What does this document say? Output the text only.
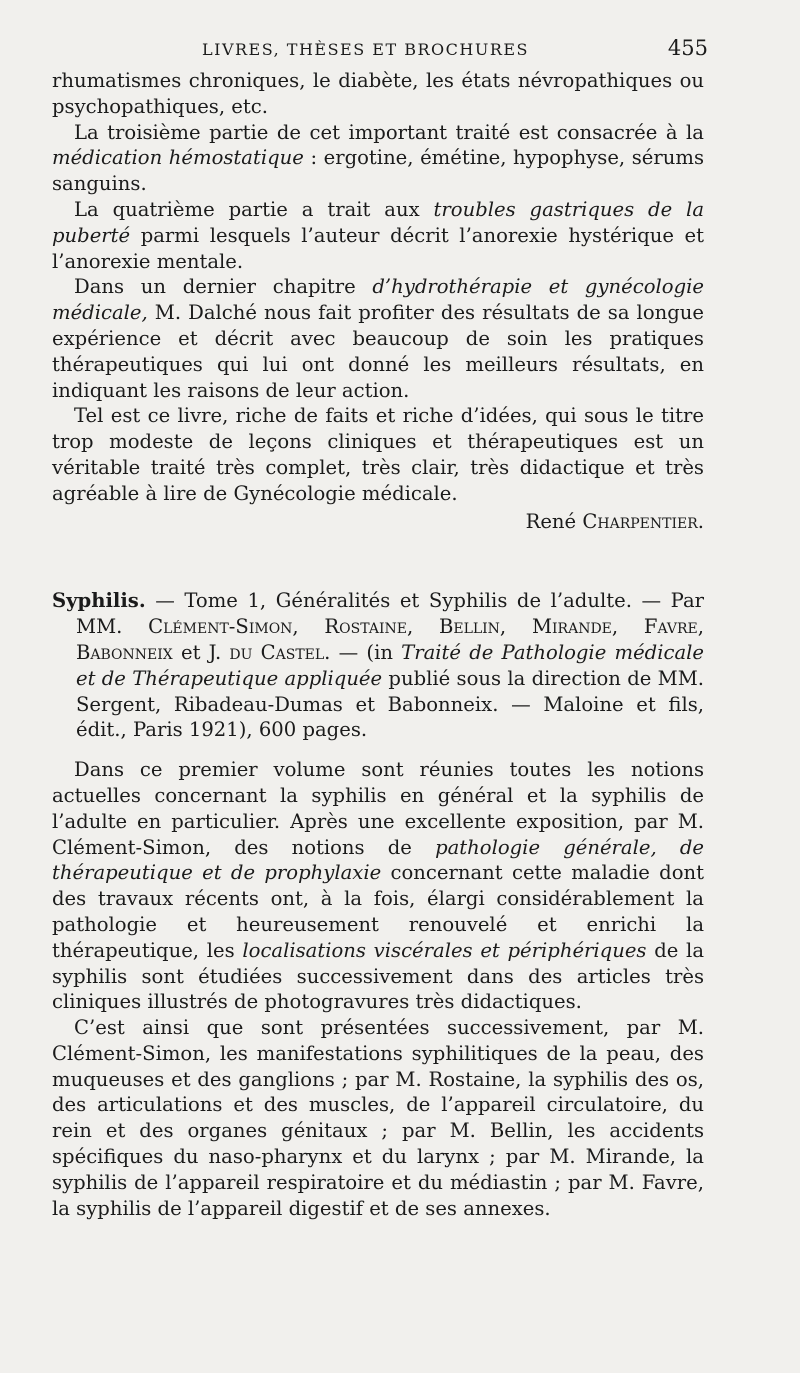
LIVRES, THÈSES ET BROCHURES	455

rhumatismes chroniques, le diabète, les états névropathiques ou psychopathiques, etc.

La troisième partie de cet important traité est consacrée à la médication hémostatique : ergotine, émétine, hypophyse, sérums sanguins.

La quatrième partie a trait aux troubles gastriques de la puberté parmi lesquels l’auteur décrit l’anorexie hystérique et l’anorexie mentale.

Dans un dernier chapitre d’hydrothérapie et gynécologie médicale, M. Dalché nous fait profiter des résultats de sa longue expérience et décrit avec beaucoup de soin les pratiques thérapeutiques qui lui ont donné les meilleurs résultats, en indiquant les raisons de leur action.

Tel est ce livre, riche de faits et riche d’idées, qui sous le titre trop modeste de leçons cliniques et thérapeutiques est un véritable traité très complet, très clair, très didactique et très agréable à lire de Gynécologie médicale.

René Charpentier.

Syphilis. — Tome 1, Généralités et Syphilis de l’adulte. — Par MM. Clément-Simon, Rostaine, Bellin, Mirande, Favre, Babonneix et J. du Castel. — (in Traité de Pathologie médicale et de Thérapeutique appliquée publié sous la direction de MM. Sergent, Ribadeau-Dumas et Babonneix. — Maloine et fils, édit., Paris 1921), 600 pages.

Dans ce premier volume sont réunies toutes les notions actuelles concernant la syphilis en général et la syphilis de l’adulte en particulier. Après une excellente exposition, par M. Clément-Simon, des notions de pathologie générale, de thérapeutique et de prophylaxie concernant cette maladie dont des travaux récents ont, à la fois, élargi considérablement la pathologie et heureusement renouvelé et enrichi la thérapeutique, les localisations viscérales et périphériques de la syphilis sont étudiées successivement dans des articles très cliniques illustrés de photogravures très didactiques.

C’est ainsi que sont présentées successivement, par M. Clément-Simon, les manifestations syphilitiques de la peau, des muqueuses et des ganglions ; par M. Rostaine, la syphilis des os, des articulations et des muscles, de l’appareil circulatoire, du rein et des organes génitaux ; par M. Bellin, les accidents spécifiques du naso-pharynx et du larynx ; par M. Mirande, la syphilis de l’appareil respiratoire et du médiastin ; par M. Favre, la syphilis de l’appareil digestif et de ses annexes.
